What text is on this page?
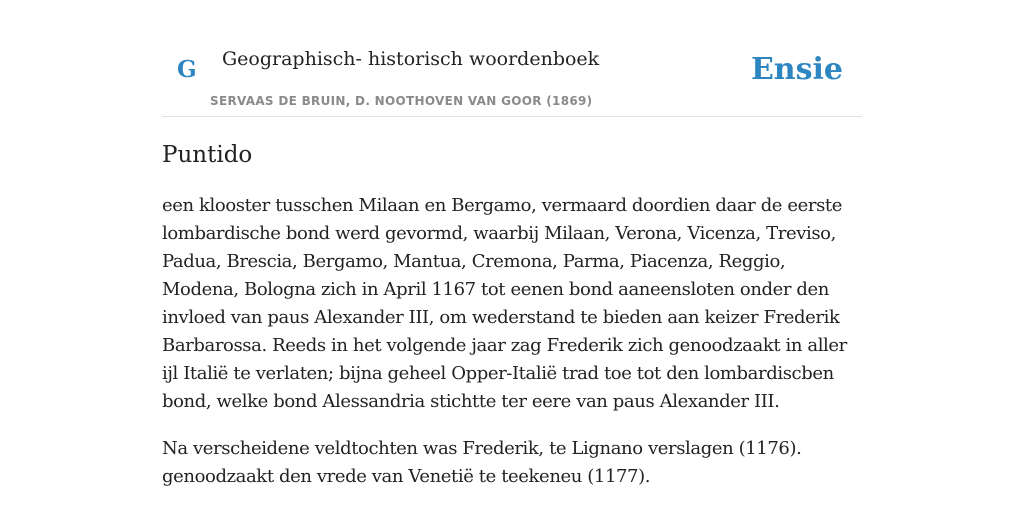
G Geographisch- historisch woordenboek
SERVAAS DE BRUIN, D. NOOTHOVEN VAN GOOR (1869)
Ensie
Puntido

een klooster tusschen Milaan en Bergamo, vermaard doordien daar de eerste lombardische bond werd gevormd, waarbij Milaan, Verona, Vicenza, Treviso, Padua, Brescia, Bergamo, Mantua, Cremona, Parma, Piacenza, Reggio, Modena, Bologna zich in April 1167 tot eenen bond aaneensloten onder den invloed van paus Alexander III, om wederstand te bieden aan keizer Frederik Barbarossa. Reeds in het volgende jaar zag Frederik zich genoodzaakt in aller ijl Italië te verlaten; bijna geheel Opper-Italië trad toe tot den lombardiscben bond, welke bond Alessandria stichtte ter eere van paus Alexander III.

Na verscheidene veldtochten was Frederik, te Lignano verslagen (1176). genoodzaakt den vrede van Venetië te teekeneu (1177).
